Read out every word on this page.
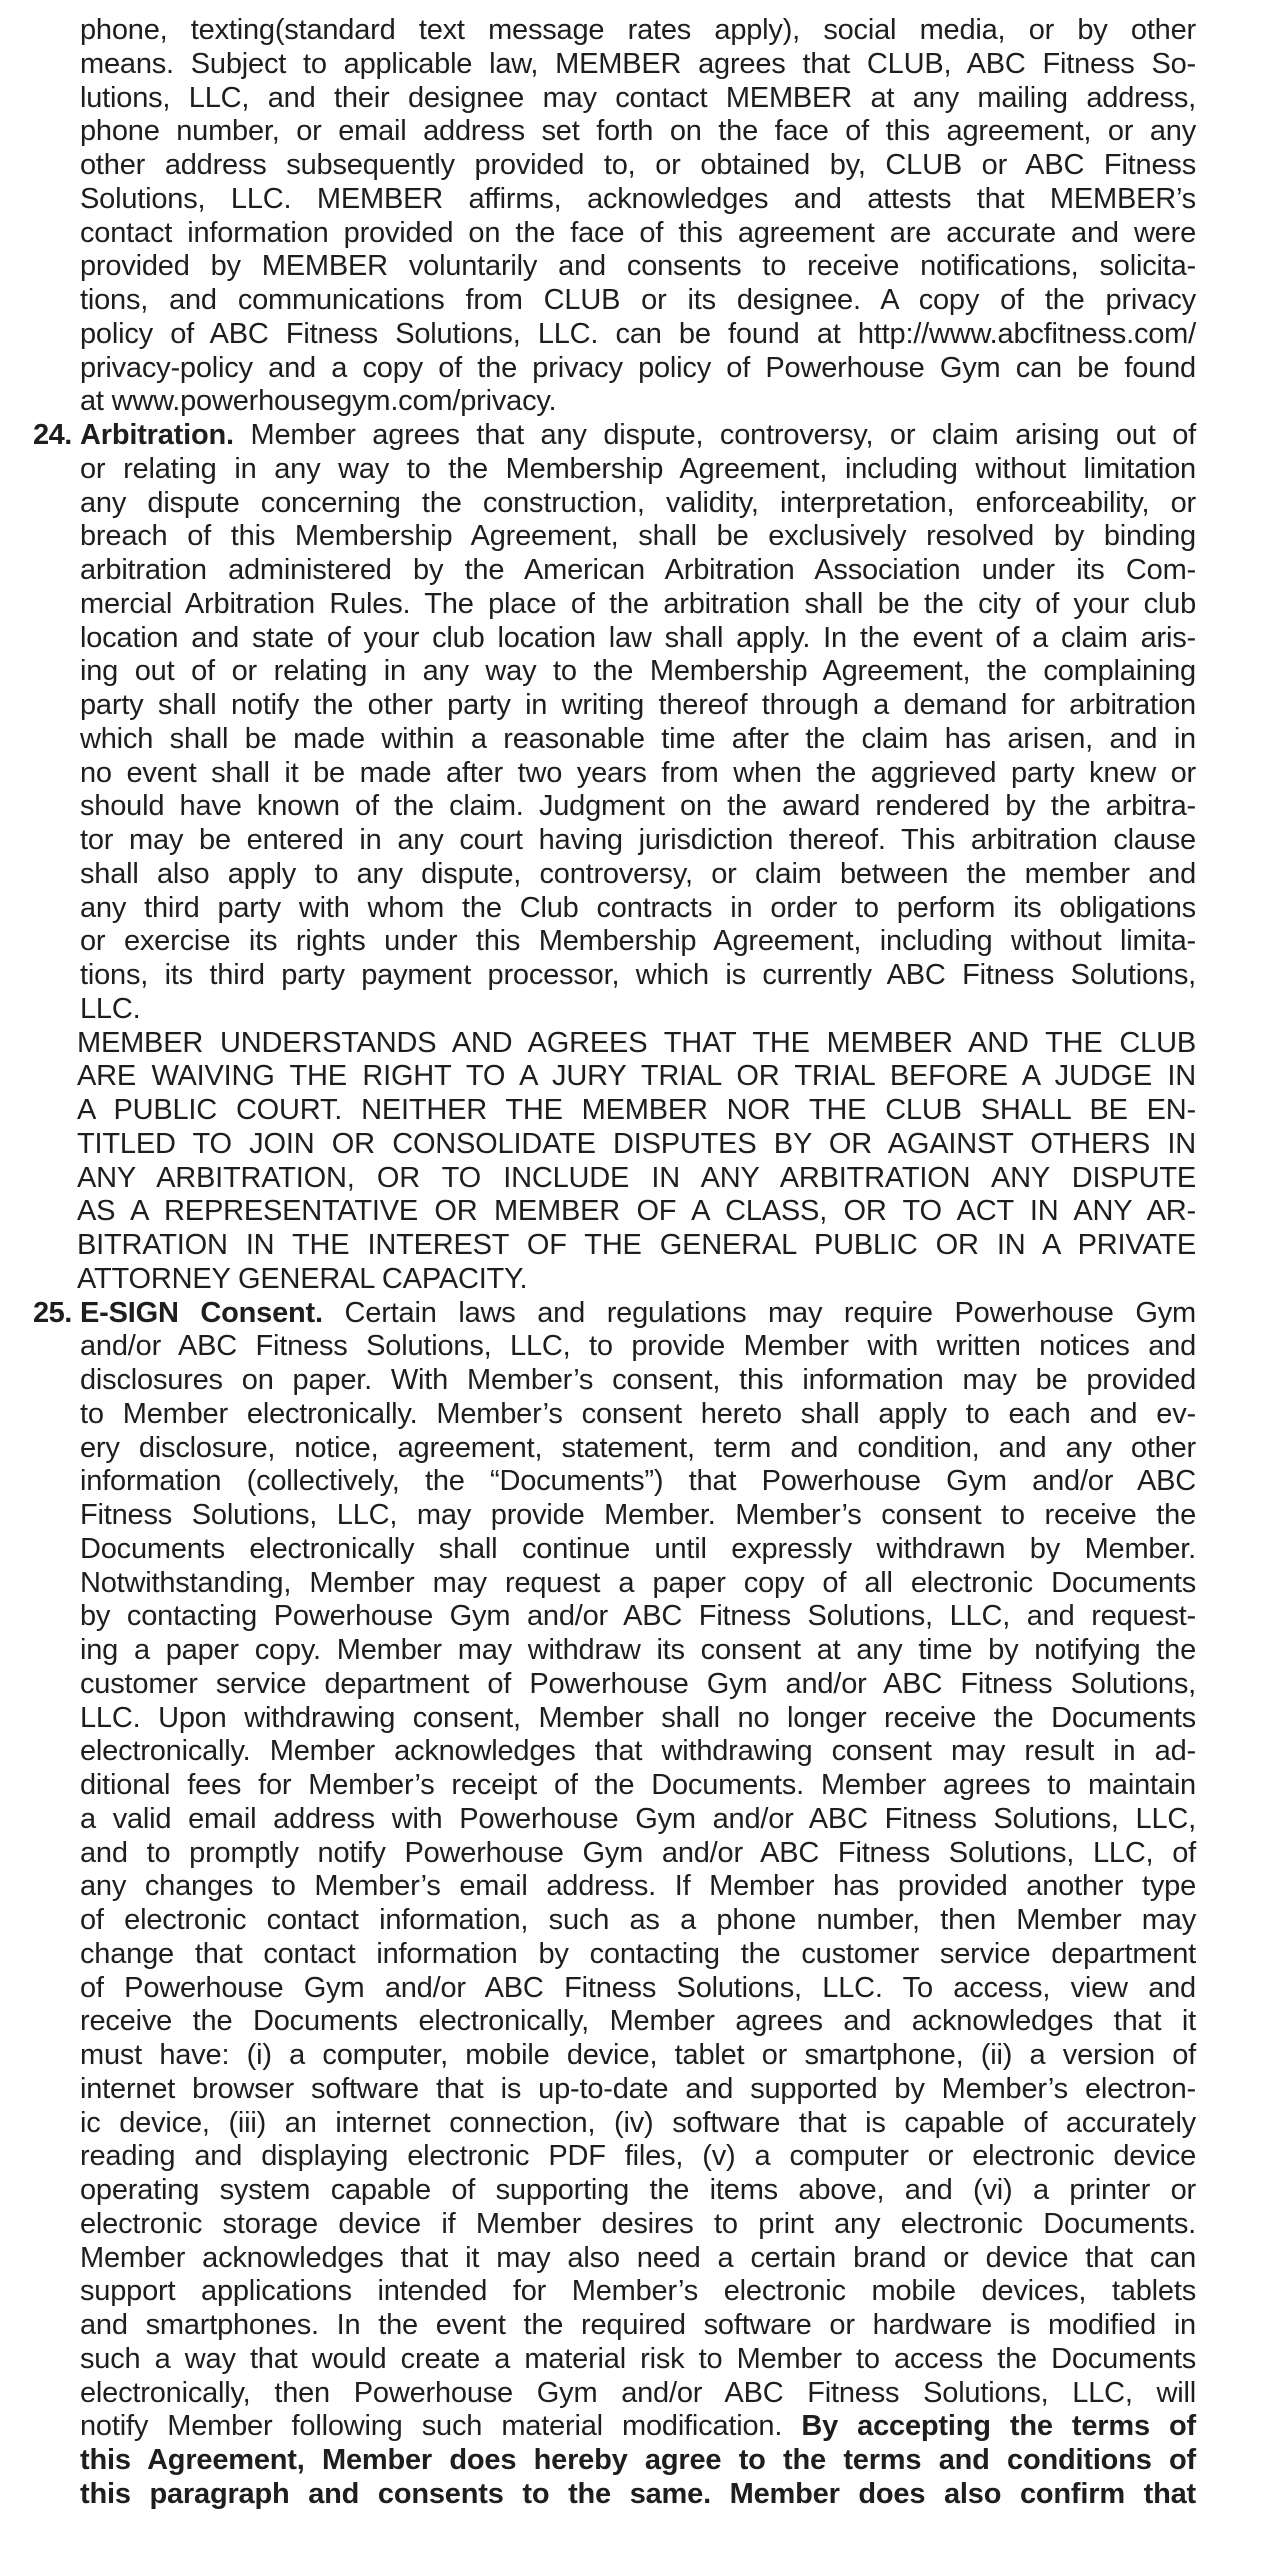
phone, texting(standard text message rates apply), social media, or by other
means. Subject to applicable law, MEMBER agrees that CLUB, ABC Fitness So-
lutions, LLC, and their designee may contact MEMBER at any mailing address,
phone number, or email address set forth on the face of this agreement, or any
other address subsequently provided to, or obtained by, CLUB or ABC Fitness
Solutions, LLC. MEMBER affirms, acknowledges and attests that MEMBER’s
contact information provided on the face of this agreement are accurate and were
provided by MEMBER voluntarily and consents to receive notifications, solicita-
tions, and communications from CLUB or its designee. A copy of the privacy
policy of ABC Fitness Solutions, LLC. can be found at http://www.abcfitness.com/
privacy-policy and a copy of the privacy policy of Powerhouse Gym can be found
at www.powerhousegym.com/privacy.
24. Arbitration. Member agrees that any dispute, controversy, or claim arising out of
or relating in any way to the Membership Agreement, including without limitation
any dispute concerning the construction, validity, interpretation, enforceability, or
breach of this Membership Agreement, shall be exclusively resolved by binding
arbitration administered by the American Arbitration Association under its Com-
mercial Arbitration Rules. The place of the arbitration shall be the city of your club
location and state of your club location law shall apply. In the event of a claim aris-
ing out of or relating in any way to the Membership Agreement, the complaining
party shall notify the other party in writing thereof through a demand for arbitration
which shall be made within a reasonable time after the claim has arisen, and in
no event shall it be made after two years from when the aggrieved party knew or
should have known of the claim. Judgment on the award rendered by the arbitra-
tor may be entered in any court having jurisdiction thereof. This arbitration clause
shall also apply to any dispute, controversy, or claim between the member and
any third party with whom the Club contracts in order to perform its obligations
or exercise its rights under this Membership Agreement, including without limita-
tions, its third party payment processor, which is currently ABC Fitness Solutions,
LLC.
MEMBER UNDERSTANDS AND AGREES THAT THE MEMBER AND THE CLUB
ARE WAIVING THE RIGHT TO A JURY TRIAL OR TRIAL BEFORE A JUDGE IN
A PUBLIC COURT. NEITHER THE MEMBER NOR THE CLUB SHALL BE EN-
TITLED TO JOIN OR CONSOLIDATE DISPUTES BY OR AGAINST OTHERS IN
ANY ARBITRATION, OR TO INCLUDE IN ANY ARBITRATION ANY DISPUTE
AS A REPRESENTATIVE OR MEMBER OF A CLASS, OR TO ACT IN ANY AR-
BITRATION IN THE INTEREST OF THE GENERAL PUBLIC OR IN A PRIVATE
ATTORNEY GENERAL CAPACITY.
25. E-SIGN Consent. Certain laws and regulations may require Powerhouse Gym
and/or ABC Fitness Solutions, LLC, to provide Member with written notices and
disclosures on paper. With Member’s consent, this information may be provided
to Member electronically. Member’s consent hereto shall apply to each and ev-
ery disclosure, notice, agreement, statement, term and condition, and any other
information (collectively, the “Documents”) that Powerhouse Gym and/or ABC
Fitness Solutions, LLC, may provide Member. Member’s consent to receive the
Documents electronically shall continue until expressly withdrawn by Member.
Notwithstanding, Member may request a paper copy of all electronic Documents
by contacting Powerhouse Gym and/or ABC Fitness Solutions, LLC, and request-
ing a paper copy. Member may withdraw its consent at any time by notifying the
customer service department of Powerhouse Gym and/or ABC Fitness Solutions,
LLC. Upon withdrawing consent, Member shall no longer receive the Documents
electronically. Member acknowledges that withdrawing consent may result in ad-
ditional fees for Member’s receipt of the Documents. Member agrees to maintain
a valid email address with Powerhouse Gym and/or ABC Fitness Solutions, LLC,
and to promptly notify Powerhouse Gym and/or ABC Fitness Solutions, LLC, of
any changes to Member’s email address. If Member has provided another type
of electronic contact information, such as a phone number, then Member may
change that contact information by contacting the customer service department
of Powerhouse Gym and/or ABC Fitness Solutions, LLC. To access, view and
receive the Documents electronically, Member agrees and acknowledges that it
must have: (i) a computer, mobile device, tablet or smartphone, (ii) a version of
internet browser software that is up-to-date and supported by Member’s electron-
ic device, (iii) an internet connection, (iv) software that is capable of accurately
reading and displaying electronic PDF files, (v) a computer or electronic device
operating system capable of supporting the items above, and (vi) a printer or
electronic storage device if Member desires to print any electronic Documents.
Member acknowledges that it may also need a certain brand or device that can
support applications intended for Member’s electronic mobile devices, tablets
and smartphones. In the event the required software or hardware is modified in
such a way that would create a material risk to Member to access the Documents
electronically, then Powerhouse Gym and/or ABC Fitness Solutions, LLC, will
notify Member following such material modification. By accepting the terms of
this Agreement, Member does hereby agree to the terms and conditions of
this paragraph and consents to the same. Member does also confirm that
